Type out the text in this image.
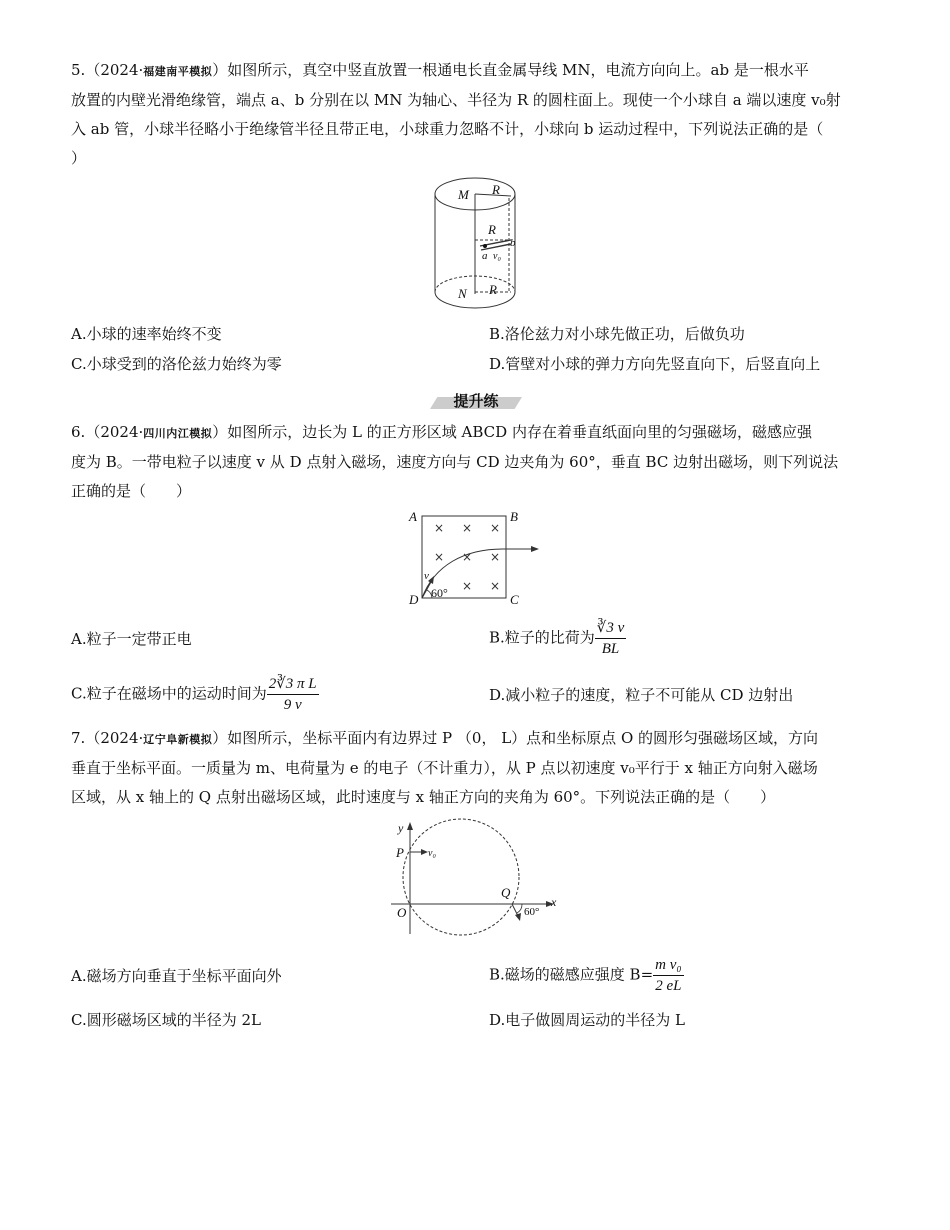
5.（2024·福建南平模拟）如图所示，真空中竖直放置一根通电长直金属导线 MN，电流方向向上。ab 是一根水平
放置的内壁光滑绝缘管，端点 a、b 分别在以 MN 为轴心、半径为 R 的圆柱面上。现使一个小球自 a 端以速度 v₀射
入 ab 管，小球半径略小于绝缘管半径且带正电，小球重力忽略不计，小球向 b 运动过程中，下列说法正确的是（
）
M R
R
a v₀
b
N R
A.小球的速率始终不变	B.洛伦兹力对小球先做正功，后做负功
C.小球受到的洛伦兹力始终为零	D.管壁对小球的弹力方向先竖直向下，后竖直向上
提升练
6.（2024·四川内江模拟）如图所示，边长为 L 的正方形区域 ABCD 内存在着垂直纸面向里的匀强磁场，磁感应强
度为 B。一带电粒子以速度 v 从 D 点射入磁场，速度方向与 CD 边夹角为 60°，垂直 BC 边射出磁场，则下列说法
正确的是（　　）
× × ×
× × ×
× ×
A	B
C
D
v
60°
A.粒子一定带正电	B.粒子的比荷为 $\frac{∛3 v}{BL}$
C.粒子在磁场中的运动时间为 $\frac{\text{2∛3 π L}}{9 v}$	D.减小粒子的速度，粒子不可能从 CD 边射出
7.（2024·辽宁阜新模拟）如图所示，坐标平面内有边界过 P （0， L）点和坐标原点 O 的圆形匀强磁场区域，方向
垂直于坐标平面。一质量为 m、电荷量为 e 的电子（不计重力），从 P 点以初速度 v₀平行于 x 轴正方向射入磁场
区域，从 x 轴上的 Q 点射出磁场区域，此时速度与 x 轴正方向的夹角为 60°。下列说法正确的是（　　）
y
x
P v₀
O
Q
60°
A.磁场方向垂直于坐标平面向外	B.磁场的磁感应强度 $B= \frac{\text{m v₀}}{2 eL}$
C.圆形磁场区域的半径为 2L	D.电子做圆周运动的半径为 L
